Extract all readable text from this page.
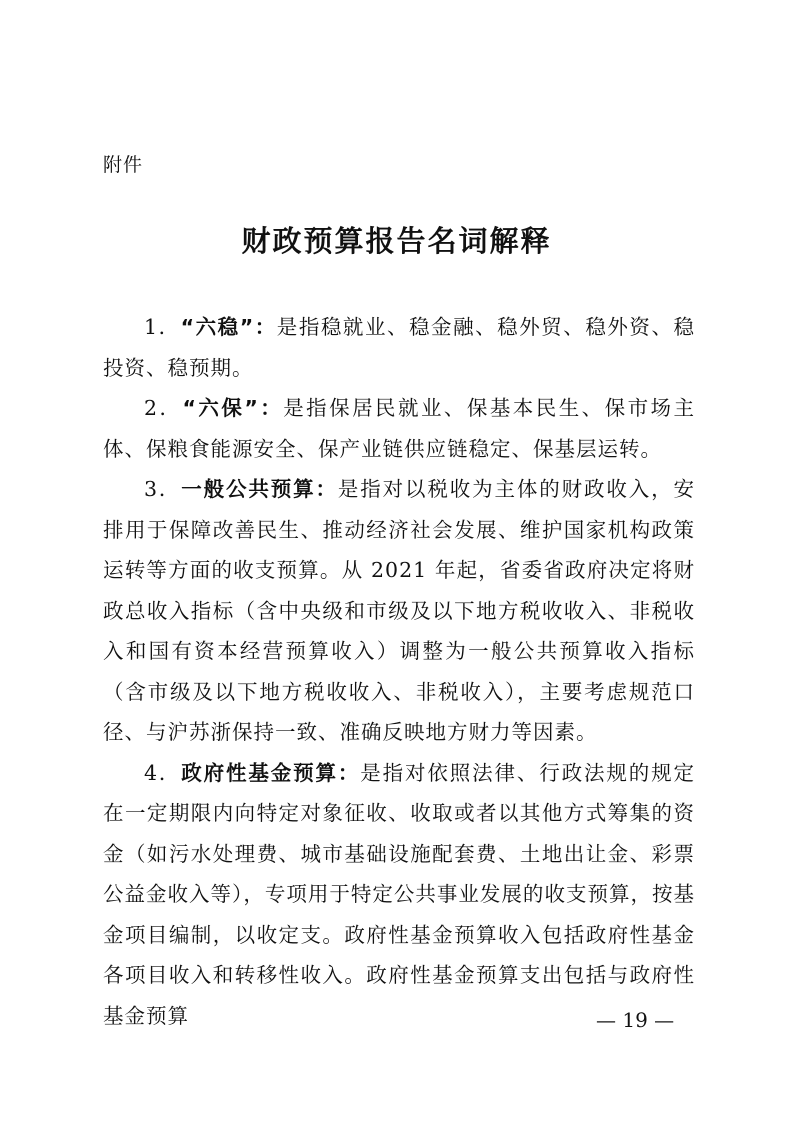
附件

财政预算报告名词解释

1．“六稳”：是指稳就业、稳金融、稳外贸、稳外资、稳投资、稳预期。

2．“六保”：是指保居民就业、保基本民生、保市场主体、保粮食能源安全、保产业链供应链稳定、保基层运转。

3．一般公共预算：是指对以税收为主体的财政收入，安排用于保障改善民生、推动经济社会发展、维护国家机构政策运转等方面的收支预算。从 2021 年起，省委省政府决定将财政总收入指标（含中央级和市级及以下地方税收收入、非税收入和国有资本经营预算收入）调整为一般公共预算收入指标（含市级及以下地方税收收入、非税收入），主要考虑规范口径、与沪苏浙保持一致、准确反映地方财力等因素。

4．政府性基金预算：是指对依照法律、行政法规的规定在一定期限内向特定对象征收、收取或者以其他方式筹集的资金（如污水处理费、城市基础设施配套费、土地出让金、彩票公益金收入等），专项用于特定公共事业发展的收支预算，按基金项目编制，以收定支。政府性基金预算收入包括政府性基金各项目收入和转移性收入。政府性基金预算支出包括与政府性基金预算	— 19 —
